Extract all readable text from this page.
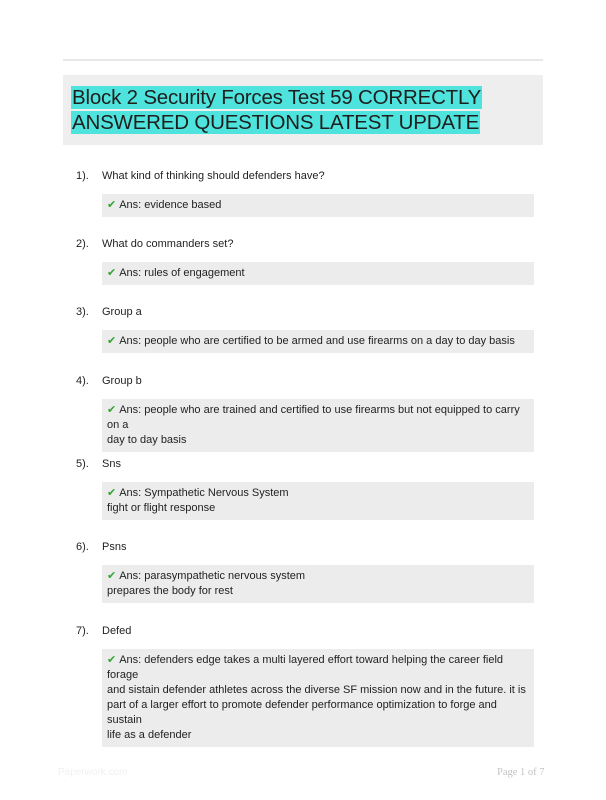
Block 2 Security Forces Test 59 CORRECTLY ANSWERED QUESTIONS LATEST UPDATE
1). What kind of thinking should defenders have?
✔ Ans: evidence based
2). What do commanders set?
✔ Ans: rules of engagement
3). Group a
✔ Ans: people who are certified to be armed and use firearms on a day to day basis
4). Group b
✔ Ans: people who are trained and certified to use firearms but not equipped to carry on a
day to day basis
5). Sns
✔ Ans: Sympathetic Nervous System
fight or flight response
6). Psns
✔ Ans: parasympathetic nervous system
prepares the body for rest
7). Defed
✔ Ans: defenders edge takes a multi layered effort toward helping the career field forage
and sistain defender athletes across the diverse SF mission now and in the future. it is
part of a larger effort to promote defender performance optimization to forge and sustain
life as a defender
Paperwork.com	Page 1 of 7
